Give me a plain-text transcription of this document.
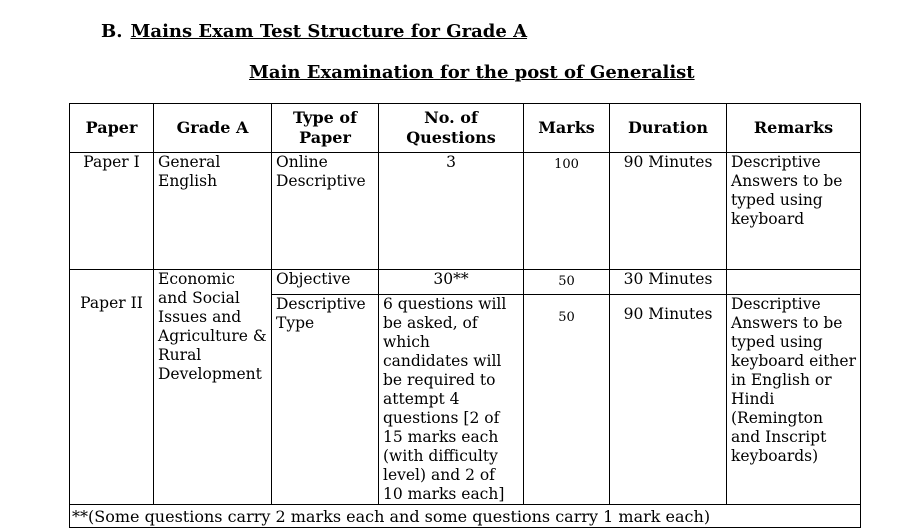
B. Mains Exam Test Structure for Grade A
Main Examination for the post of Generalist
Paper	Grade A	Type of Paper	No. of Questions	Marks	Duration	Remarks
Paper I	General English	Online Descriptive	3	100	90 Minutes	Descriptive Answers to be typed using keyboard
Paper II	Economic and Social Issues and Agriculture & Rural Development	Objective	30**	50	30 Minutes	
		Descriptive Type	6 questions will be asked, of which candidates will be required to attempt 4 questions [2 of 15 marks each (with difficulty level) and 2 of 10 marks each]	50	90 Minutes	Descriptive Answers to be typed using keyboard either in English or Hindi (Remington and Inscript keyboards)
**(Some questions carry 2 marks each and some questions carry 1 mark each)						
